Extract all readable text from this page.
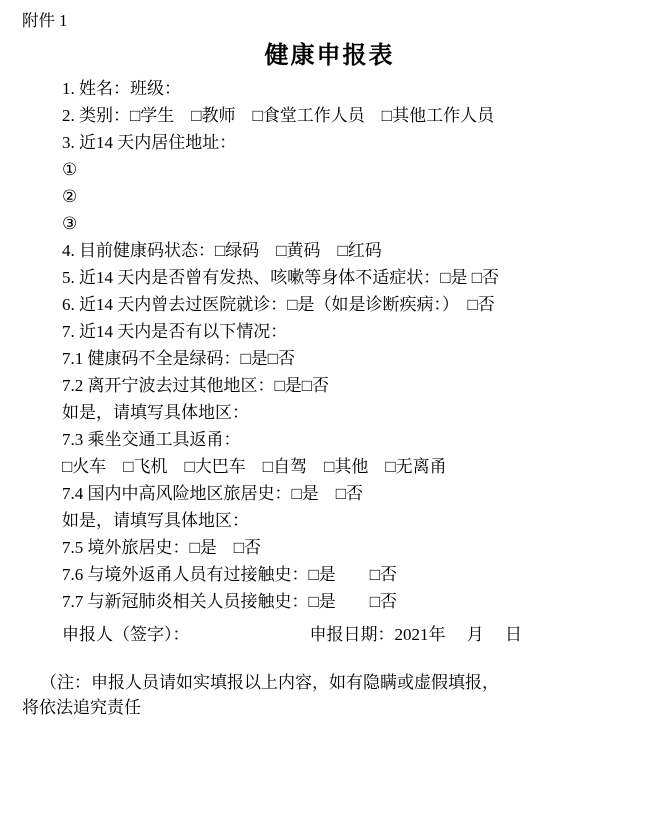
附件 1
健康申报表
1. 姓名：班级：
2. 类别：□学生　□教师　□食堂工作人员　□其他工作人员
3. 近14 天内居住地址：
①
②
③
4. 目前健康码状态：□绿码　□黄码　□红码
5. 近14 天内是否曾有发热、咳嗽等身体不适症状：□是 □否
6. 近14 天内曾去过医院就诊：□是（如是诊断疾病：）　□否
7. 近14 天内是否有以下情况：
7.1 健康码不全是绿码：□是□否
7.2 离开宁波去过其他地区：□是□否
如是，请填写具体地区：
7.3 乘坐交通工具返甬：
□火车　□飞机　□大巴车　□自驾　□其他　□无离甬
7.4 国内中高风险地区旅居史：□是　□否
如是，请填写具体地区：
7.5 境外旅居史：□是　□否
7.6 与境外返甬人员有过接触史：□是　　□否
7.7 与新冠肺炎相关人员接触史：□是　　□否
申报人（签字）：	申报日期：2021年　 月　 日
（注：申报人员请如实填报以上内容，如有隐瞒或虚假填报，
将依法追究责任
